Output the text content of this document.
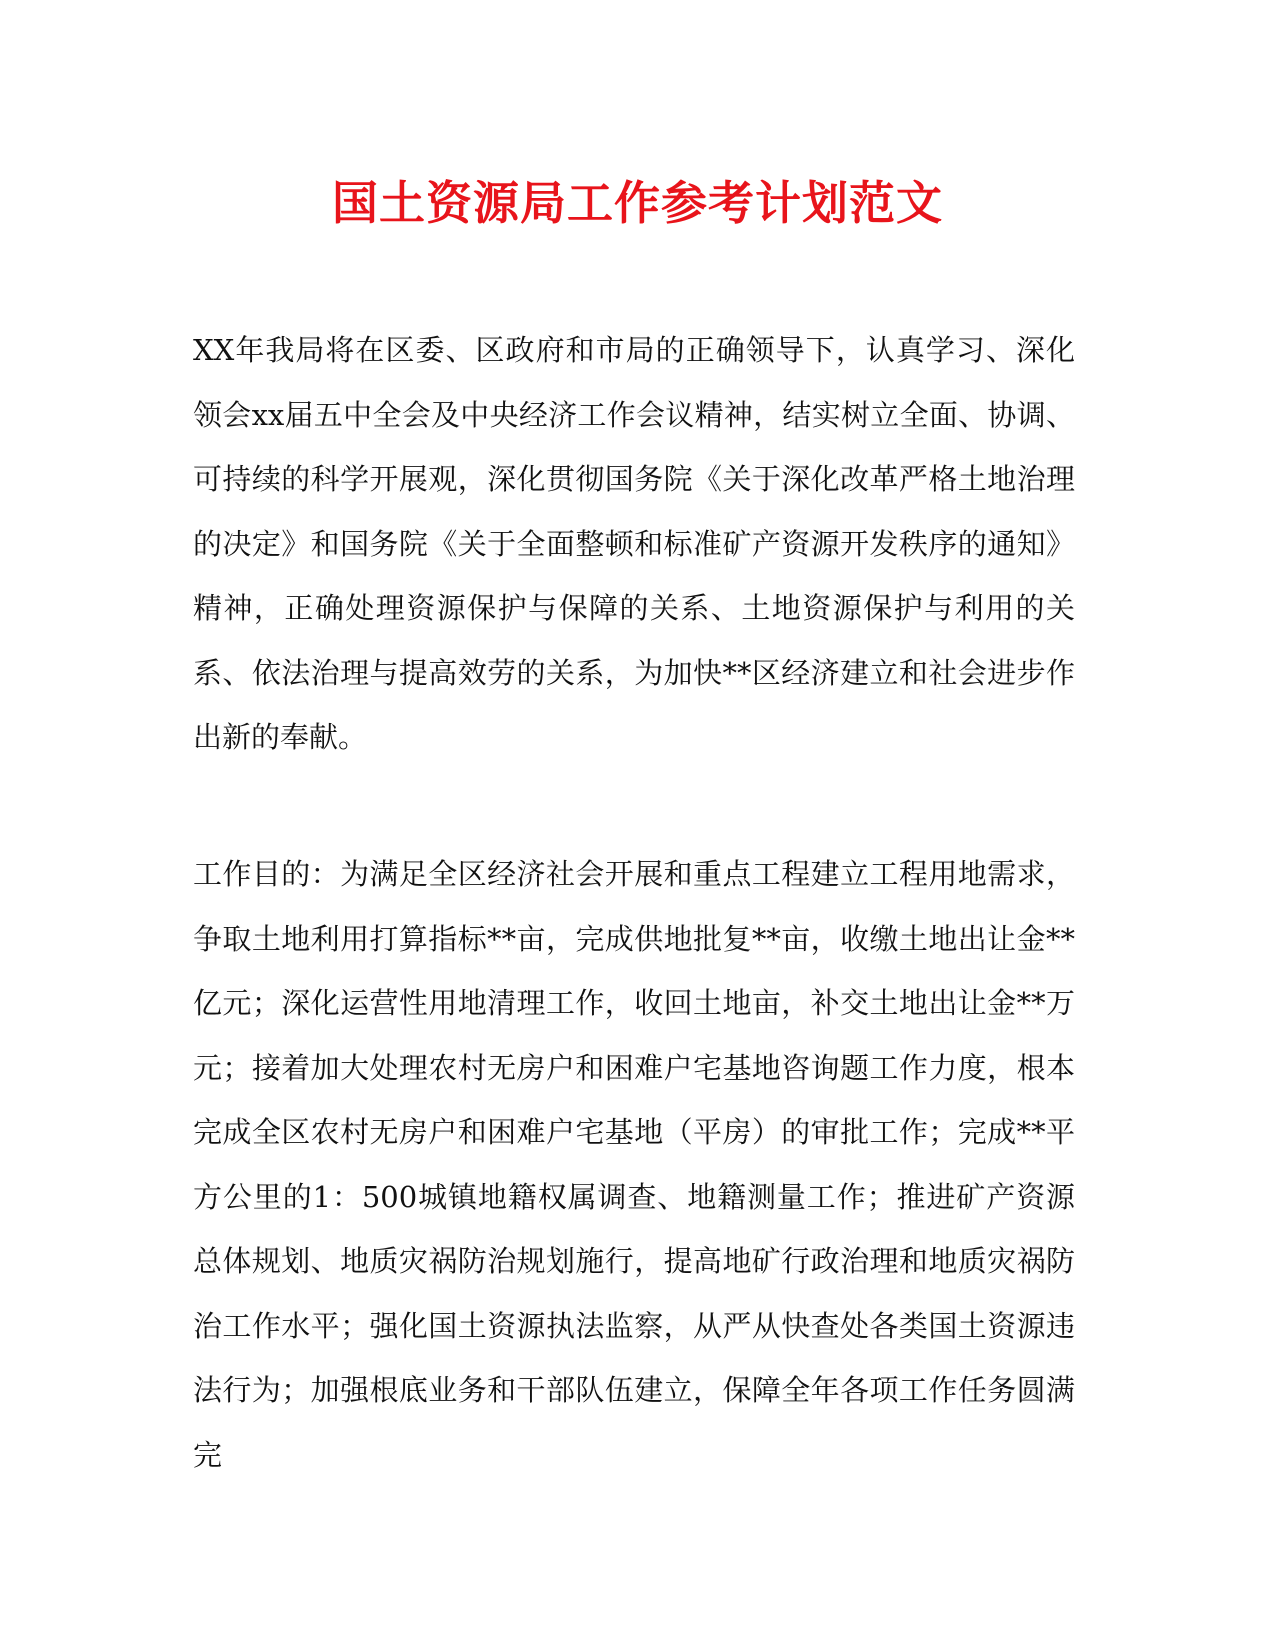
国土资源局工作参考计划范文

XX年我局将在区委、区政府和市局的正确领导下，认真学习、深化领会xx届五中全会及中央经济工作会议精神，结实树立全面、协调、可持续的科学开展观，深化贯彻国务院《关于深化改革严格土地治理的决定》和国务院《关于全面整顿和标准矿产资源开发秩序的通知》精神，正确处理资源保护与保障的关系、土地资源保护与利用的关系、依法治理与提高效劳的关系，为加快**区经济建立和社会进步作出新的奉献。

工作目的：为满足全区经济社会开展和重点工程建立工程用地需求，争取土地利用打算指标**亩，完成供地批复**亩，收缴土地出让金**亿元；深化运营性用地清理工作，收回土地亩，补交土地出让金**万元；接着加大处理农村无房户和困难户宅基地咨询题工作力度，根本完成全区农村无房户和困难户宅基地（平房）的审批工作；完成**平方公里的1：500城镇地籍权属调查、地籍测量工作；推进矿产资源总体规划、地质灾祸防治规划施行，提高地矿行政治理和地质灾祸防治工作水平；强化国土资源执法监察，从严从快查处各类国土资源违法行为；加强根底业务和干部队伍建立，保障全年各项工作任务圆满完
